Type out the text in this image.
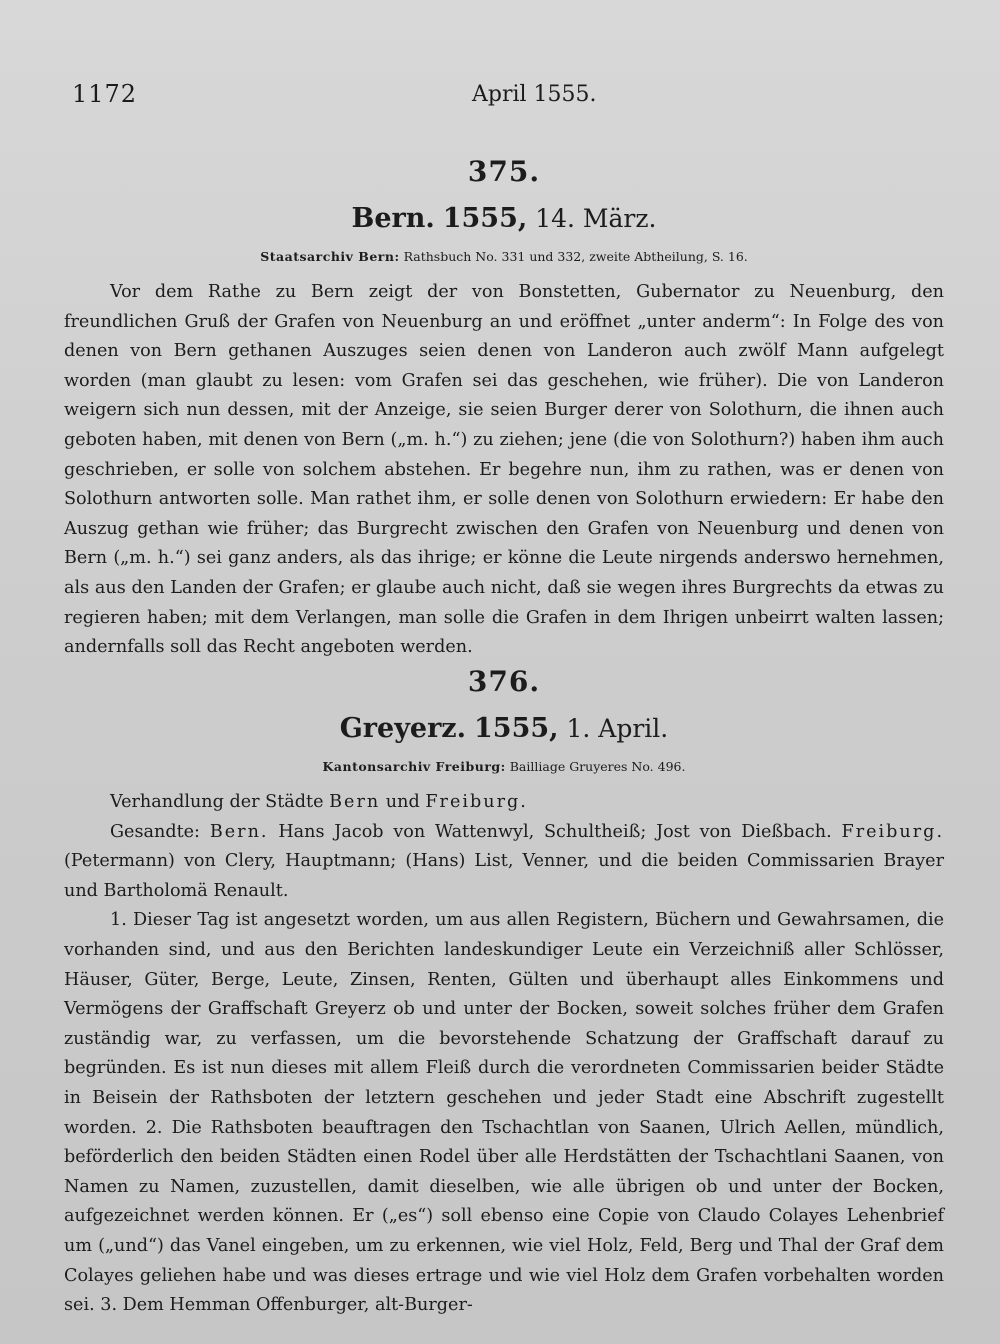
1172	April 1555.
375.
Bern. 1555, 14. März.
Staatsarchiv Bern: Rathsbuch No. 331 und 332, zweite Abtheilung, S. 16.

Vor dem Rathe zu Bern zeigt der von Bonstetten, Gubernator zu Neuenburg, den freundlichen Gruß der Grafen von Neuenburg an und eröffnet „unter anderm“: In Folge des von denen von Bern gethanen Auszuges seien denen von Landeron auch zwölf Mann aufgelegt worden (man glaubt zu lesen: vom Grafen sei das geschehen, wie früher). Die von Landeron weigern sich nun dessen, mit der Anzeige, sie seien Burger derer von Solothurn, die ihnen auch geboten haben, mit denen von Bern („m. h.“) zu ziehen; jene (die von Solothurn?) haben ihm auch geschrieben, er solle von solchem abstehen. Er begehre nun, ihm zu rathen, was er denen von Solothurn antworten solle. Man rathet ihm, er solle denen von Solothurn erwiedern: Er habe den Auszug gethan wie früher; das Burgrecht zwischen den Grafen von Neuenburg und denen von Bern („m. h.“) sei ganz anders, als das ihrige; er könne die Leute nirgends anderswo hernehmen, als aus den Landen der Grafen; er glaube auch nicht, daß sie wegen ihres Burgrechts da etwas zu regieren haben; mit dem Verlangen, man solle die Grafen in dem Ihrigen unbeirrt walten lassen; andernfalls soll das Recht angeboten werden.

376.
Greyerz. 1555, 1. April.
Kantonsarchiv Freiburg: Bailliage Gruyeres No. 496.

Verhandlung der Städte Bern und Freiburg.

Gesandte: Bern. Hans Jacob von Wattenwyl, Schultheiß; Jost von Dießbach. Freiburg. (Petermann) von Clery, Hauptmann; (Hans) List, Venner, und die beiden Commissarien Brayer und Bartholomä Renault.

1. Dieser Tag ist angesetzt worden, um aus allen Registern, Büchern und Gewahrsamen, die vorhanden sind, und aus den Berichten landeskundiger Leute ein Verzeichniß aller Schlösser, Häuser, Güter, Berge, Leute, Zinsen, Renten, Gülten und überhaupt alles Einkommens und Vermögens der Graffschaft Greyerz ob und unter der Bocken, soweit solches früher dem Grafen zuständig war, zu verfassen, um die bevorstehende Schatzung der Graffschaft darauf zu begründen. Es ist nun dieses mit allem Fleiß durch die verordneten Commissarien beider Städte in Beisein der Rathsboten der letztern geschehen und jeder Stadt eine Abschrift zugestellt worden. 2. Die Rathsboten beauftragen den Tschachtlan von Saanen, Ulrich Aellen, mündlich, beförderlich den beiden Städten einen Rodel über alle Herdstätten der Tschachtlani Saanen, von Namen zu Namen, zuzustellen, damit dieselben, wie alle übrigen ob und unter der Bocken, aufgezeichnet werden können. Er („es“) soll ebenso eine Copie von Claudo Colayes Lehenbrief um („und“) das Vanel eingeben, um zu erkennen, wie viel Holz, Feld, Berg und Thal der Graf dem Colayes geliehen habe und was dieses ertrage und wie viel Holz dem Grafen vorbehalten worden sei. 3. Dem Hemman Offenburger, alt-Burger-
